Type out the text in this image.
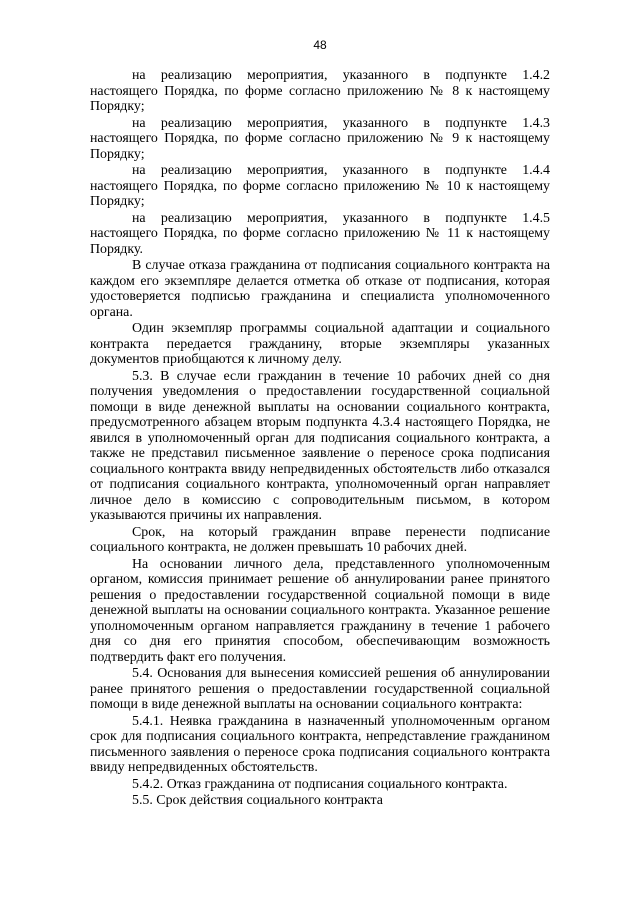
48

на реализацию мероприятия, указанного в подпункте 1.4.2 настоящего Порядка, по форме согласно приложению № 8 к настоящему Порядку;

на реализацию мероприятия, указанного в подпункте 1.4.3 настоящего Порядка, по форме согласно приложению № 9 к настоящему Порядку;

на реализацию мероприятия, указанного в подпункте 1.4.4 настоящего Порядка, по форме согласно приложению № 10 к настоящему Порядку;

на реализацию мероприятия, указанного в подпункте 1.4.5 настоящего Порядка, по форме согласно приложению № 11 к настоящему Порядку.

В случае отказа гражданина от подписания социального контракта на каждом его экземпляре делается отметка об отказе от подписания, которая удостоверяется подписью гражданина и специалиста уполномоченного органа.

Один экземпляр программы социальной адаптации и социального контракта передается гражданину, вторые экземпляры указанных документов приобщаются к личному делу.

5.3. В случае если гражданин в течение 10 рабочих дней со дня получения уведомления о предоставлении государственной социальной помощи в виде денежной выплаты на основании социального контракта, предусмотренного абзацем вторым подпункта 4.3.4 настоящего Порядка, не явился в уполномоченный орган для подписания социального контракта, а также не представил письменное заявление о переносе срока подписания социального контракта ввиду непредвиденных обстоятельств либо отказался от подписания социального контракта, уполномоченный орган направляет личное дело в комиссию с сопроводительным письмом, в котором указываются причины их направления.

Срок, на который гражданин вправе перенести подписание социального контракта, не должен превышать 10 рабочих дней.

На основании личного дела, представленного уполномоченным органом, комиссия принимает решение об аннулировании ранее принятого решения о предоставлении государственной социальной помощи в виде денежной выплаты на основании социального контракта. Указанное решение уполномоченным органом направляется гражданину в течение 1 рабочего дня со дня его принятия способом, обеспечивающим возможность подтвердить факт его получения.

5.4. Основания для вынесения комиссией решения об аннулировании ранее принятого решения о предоставлении государственной социальной помощи в виде денежной выплаты на основании социального контракта:

5.4.1. Неявка гражданина в назначенный уполномоченным органом срок для подписания социального контракта, непредставление гражданином письменного заявления о переносе срока подписания социального контракта ввиду непредвиденных обстоятельств.

5.4.2. Отказ гражданина от подписания социального контракта.

5.5. Срок действия социального контракта
